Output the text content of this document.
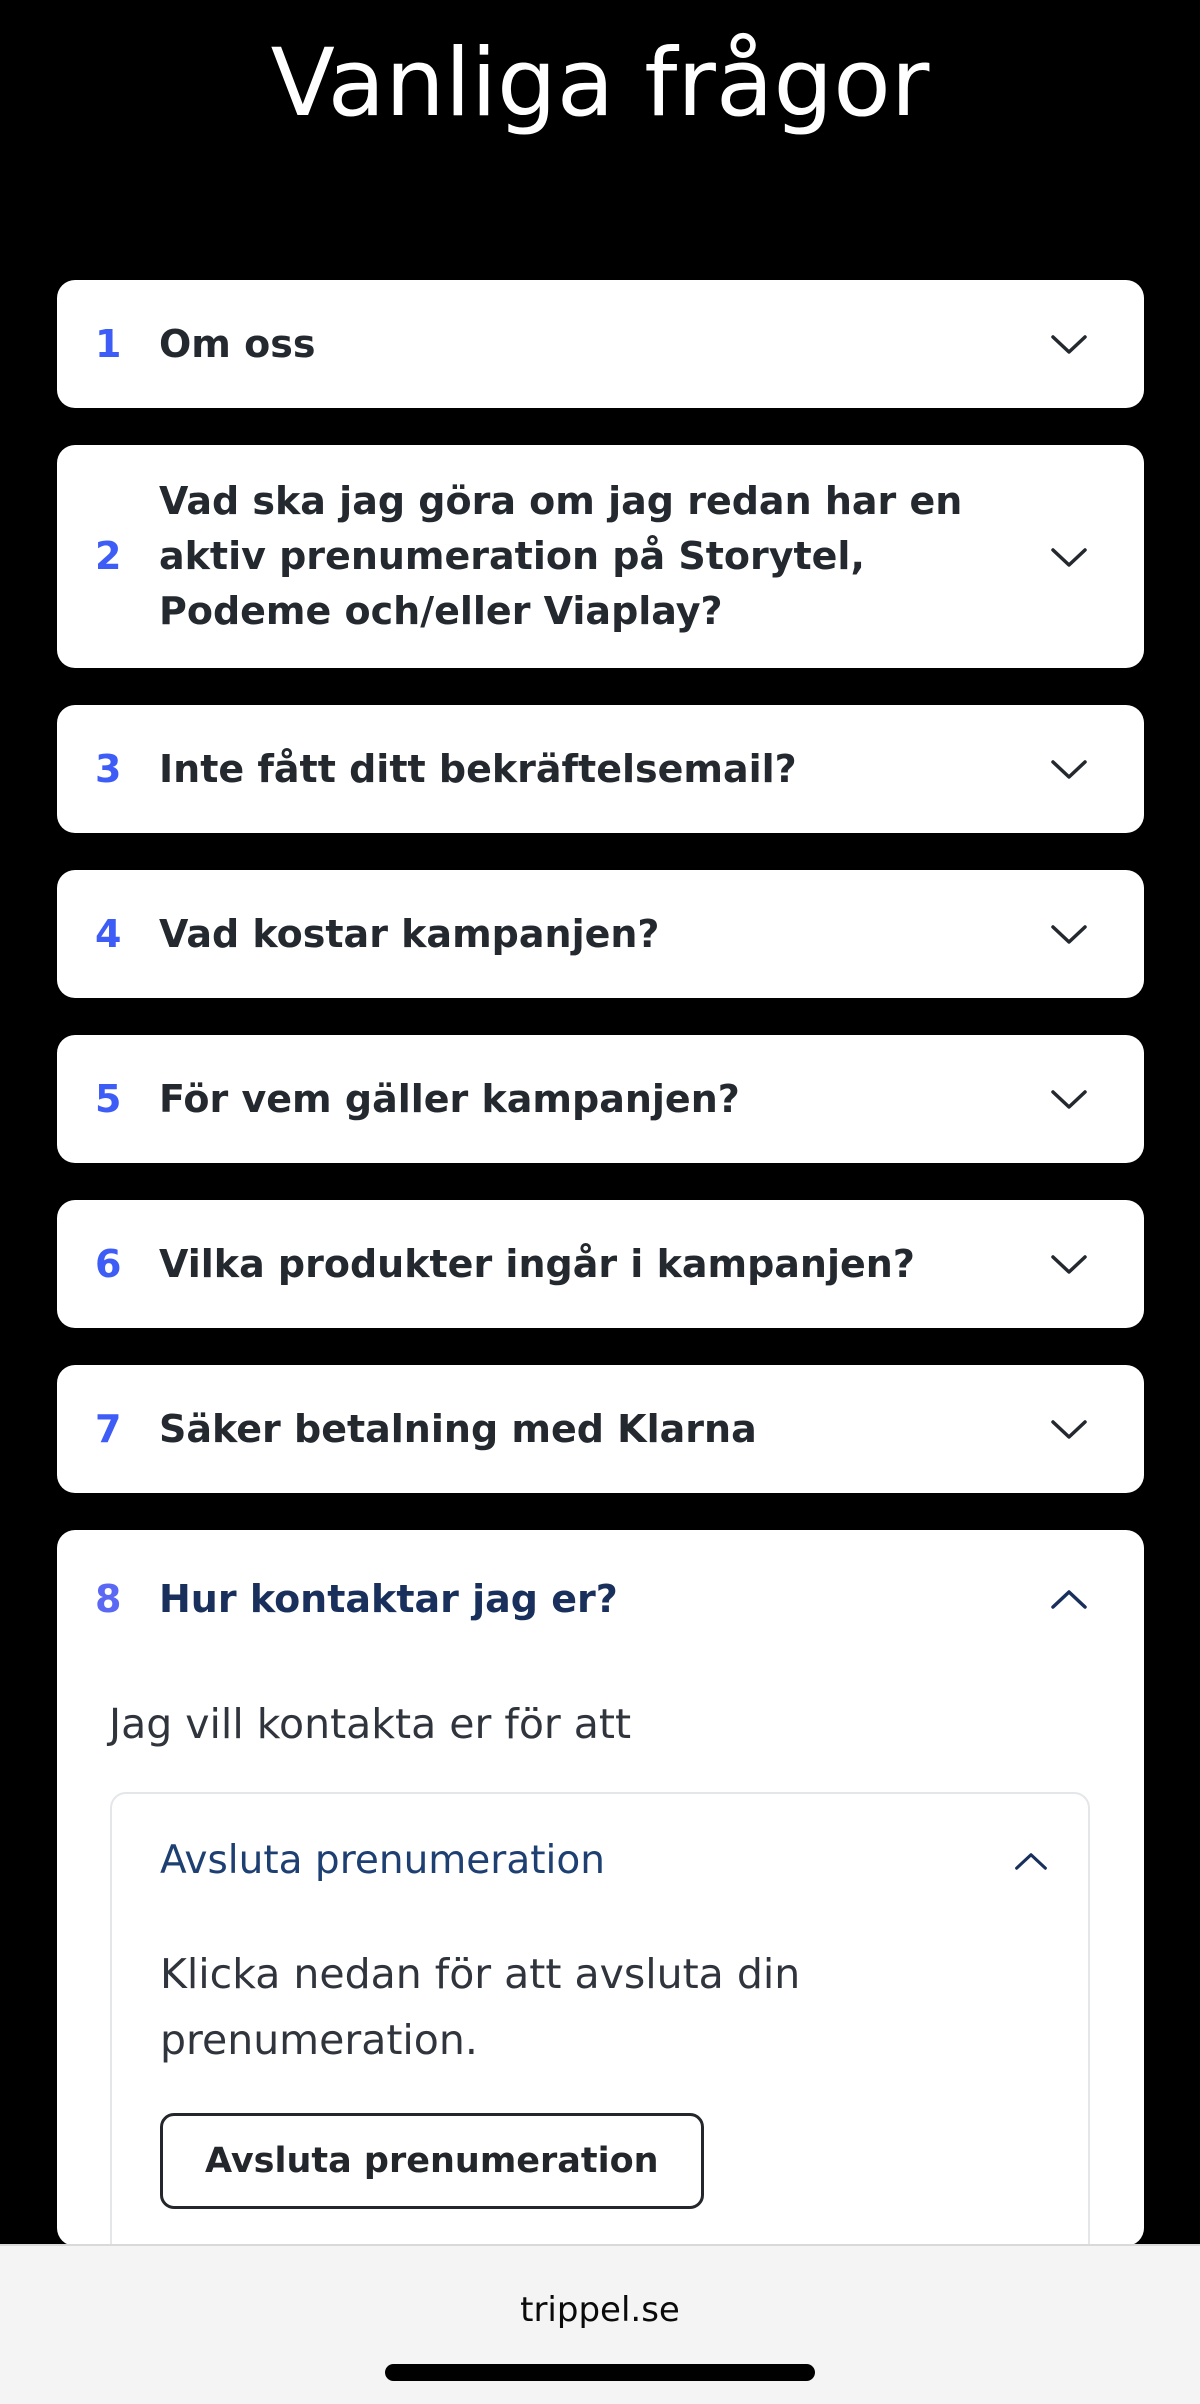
Vanliga frågor
1 Om oss
2
Vad ska jag göra om jag redan har en aktiv prenumeration på Storytel, Podeme och/eller Viaplay?
3 Inte fått ditt bekräftelsemail?
4 Vad kostar kampanjen?
5 För vem gäller kampanjen?
6 Vilka produkter ingår i kampanjen?
7 Säker betalning med Klarna
8 Hur kontaktar jag er?
Jag vill kontakta er för att
Avsluta prenumeration
Klicka nedan för att avsluta din prenumeration.
Avsluta prenumeration
trippel.se
